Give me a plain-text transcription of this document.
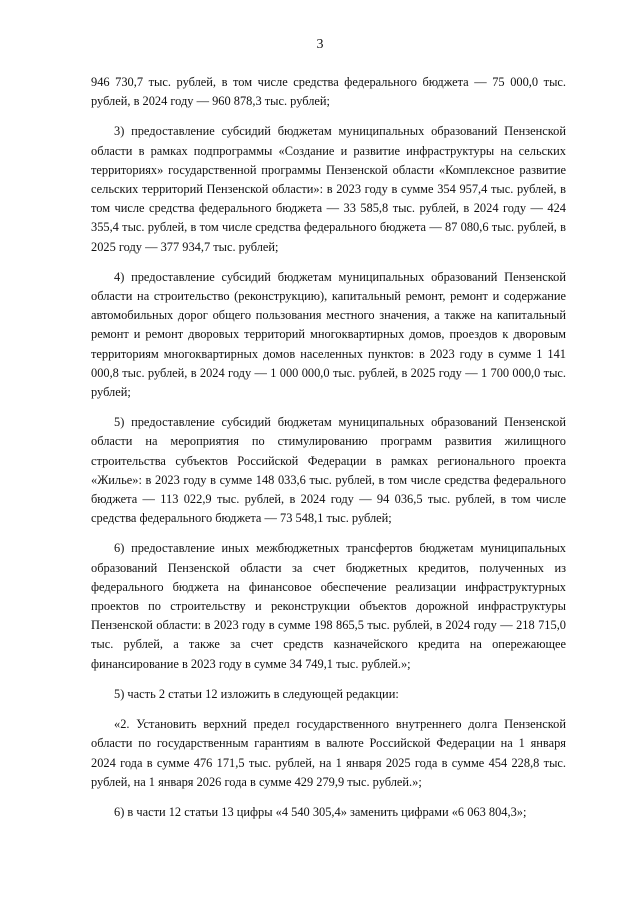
3

946 730,7 тыс. рублей, в том числе средства федерального бюджета — 75 000,0 тыс. рублей, в 2024 году — 960 878,3 тыс. рублей;

3) предоставление субсидий бюджетам муниципальных образований Пензенской области в рамках подпрограммы «Создание и развитие инфраструктуры на сельских территориях» государственной программы Пензенской области «Комплексное развитие сельских территорий Пензенской области»: в 2023 году в сумме 354 957,4 тыс. рублей, в том числе средства федерального бюджета — 33 585,8 тыс. рублей, в 2024 году — 424 355,4 тыс. рублей, в том числе средства федерального бюджета — 87 080,6 тыс. рублей, в 2025 году — 377 934,7 тыс. рублей;

4) предоставление субсидий бюджетам муниципальных образований Пензенской области на строительство (реконструкцию), капитальный ремонт, ремонт и содержание автомобильных дорог общего пользования местного значения, а также на капитальный ремонт и ремонт дворовых территорий многоквартирных домов, проездов к дворовым территориям многоквартирных домов населенных пунктов: в 2023 году в сумме 1 141 000,8 тыс. рублей, в 2024 году — 1 000 000,0 тыс. рублей, в 2025 году — 1 700 000,0 тыс. рублей;

5) предоставление субсидий бюджетам муниципальных образований Пензенской области на мероприятия по стимулированию программ развития жилищного строительства субъектов Российской Федерации в рамках регионального проекта «Жилье»: в 2023 году в сумме 148 033,6 тыс. рублей, в том числе средства федерального бюджета — 113 022,9 тыс. рублей, в 2024 году — 94 036,5 тыс. рублей, в том числе средства федерального бюджета — 73 548,1 тыс. рублей;

6) предоставление иных межбюджетных трансфертов бюджетам муниципальных образований Пензенской области за счет бюджетных кредитов, полученных из федерального бюджета на финансовое обеспечение реализации инфраструктурных проектов по строительству и реконструкции объектов дорожной инфраструктуры Пензенской области: в 2023 году в сумме 198 865,5 тыс. рублей, в 2024 году — 218 715,0 тыс. рублей, а также за счет средств казначейского кредита на опережающее финансирование в 2023 году в сумме 34 749,1 тыс. рублей.»;

5) часть 2 статьи 12 изложить в следующей редакции:

«2. Установить верхний предел государственного внутреннего долга Пензенской области по государственным гарантиям в валюте Российской Федерации на 1 января 2024 года в сумме 476 171,5 тыс. рублей, на 1 января 2025 года в сумме 454 228,8 тыс. рублей, на 1 января 2026 года в сумме 429 279,9 тыс. рублей.»;

6) в части 12 статьи 13 цифры «4 540 305,4» заменить цифрами «6 063 804,3»;
